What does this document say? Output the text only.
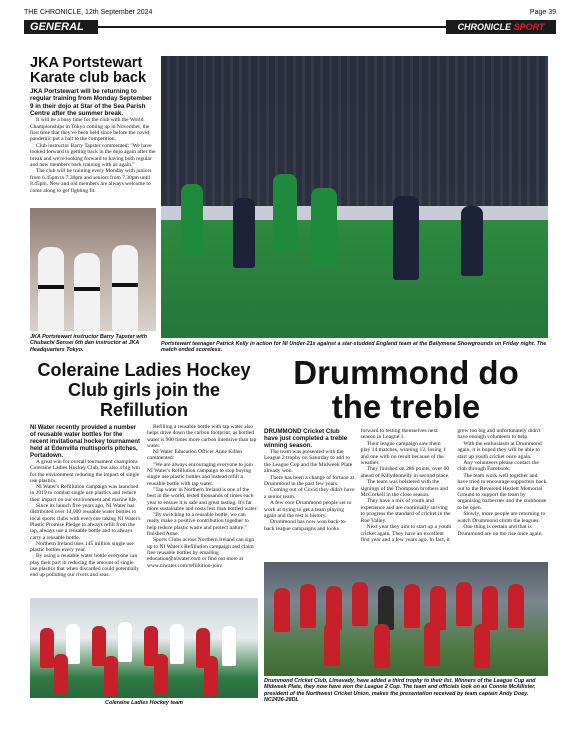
THE CHRONICLE, 12th September 2024	Page 39
GENERAL	CHRONICLE SPORT
JKA Portstewart Karate club back
JKA Portstewart will be returning to regular training from Monday September 9 in their dojo at Star of the Sea Parish Centre after the summer break.

It will be a busy time for the club with the World Championships in Tokyo coming up in November, the first time that they've been held since before the covid pandemic put a halt to the competition.

Club instructor Barry Tapster commented: "We have looked forward to getting back in the dojo again after the break and we're looking forward to having both regular and new members back training with us again."

The club will be training every Monday with juniors from 6.45pm to 7.30pm and seniors from 7.30pm until 8.45pm. New and old members are always welcome to come along to get fighting fit.

JKA Portstewart instructor Barry Tapster with Chubachi Sensei 6th dan instructor at JKA Headquarters Tokyo.
Portstewart teenager Patrick Kelly in action for NI Under-21s against a star-studded England team at the Ballymena Showgrounds on Friday night. The match ended scoreless.
Coleraine Ladies Hockey Club girls join the Refillution
NI Water recently provided a number of reusable water bottles for the recent invitational hockey tournament held at Edenvilla multisports pitches, Portadown.

A great win for overall tournament champions Coleraine Ladies Hockey Club, but also a big win for the environment reducing the impact of single use plastics.

NI Water's Refillution campaign was launched in 2019 to combat single use plastics and reduce their impact on our environment and marine life.

Since its launch five years ago, NI Water has distributed over 14,000 reusable water bottles to local sports clubs with everyone taking NI Water's Plastic Promise Pledge to always refill from the tap, always use a reusable bottle and to always carry a reusable bottle.

Northern Ireland uses 145 million single use plastic bottles every year.

By using a reusable water bottle everyone can play their part in reducing the amount of single use plastics that when discarded could potentially end up polluting our rivers and seas.

Refilling a reusable bottle with tap water also helps drive down the carbon footprint, as bottled water is 900 times more carbon intensive than tap water.

NI Water Education Officer Anne Killen commented:

"We are always encouraging everyone to join NI Water's Refillution campaign to stop buying single use plastic bottles and instead refill a reusable bottle with tap water.

"Tap water in Northern Ireland is one of the best in the world, tested thousands of times each year to ensure it is safe and great tasting. It's far more sustainable and costs less than bottled water.

"By switching to a reusable bottle, we can really make a positive contribution together to help reduce plastic waste and protect nature," finished Anne.

Sports Clubs across Northern Ireland can sign up to NI Water's Refillution campaign and claim free reusable bottles by emailing education@niwater.com or find out more at www.niwater.com/refillution-join/

Coleraine Ladies Hockey team
Drummond do the treble
DRUMMOND Cricket Club have just completed a treble winning season.

The team was presented with the League 2 trophy on Saturday to add to the League Cup and the Midweek Plate already won.

There has been a change of fortune at Drummond in the past few years.

Coming out of Covid they didn't have a senior team.

A few core Drummond people set to work at trying to get a team playing again and the rest is history.

Drummond has now won back-to-back league campaigns and looks forward to testing themselves next season in League 1.

Their league campaign saw them play 14 matches, winning 12, losing 1 and one with no result because of the weather.

They finished on 286 points, over 60 ahead of Killydonnelly in second place.

The team was bolstered with the signings of the Thompson brothers and McCorkell in the close season.

They have a mix of youth and experience and are continually striving to progress the standard of cricket in the Roe Valley.

Next year they aim to start up a youth cricket again. They have an excellent first year and a few years ago. In fact, it grew too big and unfortunately didn't have enough volunteers to help.

With the enthusiasm at Drummond again, it is hoped they will be able to start up youth cricket once again.

Any volunteers please contact the club through Facebook.

The team work well together and have tried to encourage supporters back out to the Reverend Hezlett Memorial Ground to support the team by organising barbecues and the clubhouse to be open.

Slowly, more people are returning to watch Drummond climb the leagues.

One thing is certain and that is Drummond are on the rise once again.

Drummond Cricket Club, Limavady, have added a third trophy to their list. Winners of the League Cup and Midweek Plate, they now have won the League 2 Cup. The team and officials look on as Connie McAllister, president of the Northwest Cricket Union, makes the presentation received by team captain Andy Doey. NC2436-28DL
